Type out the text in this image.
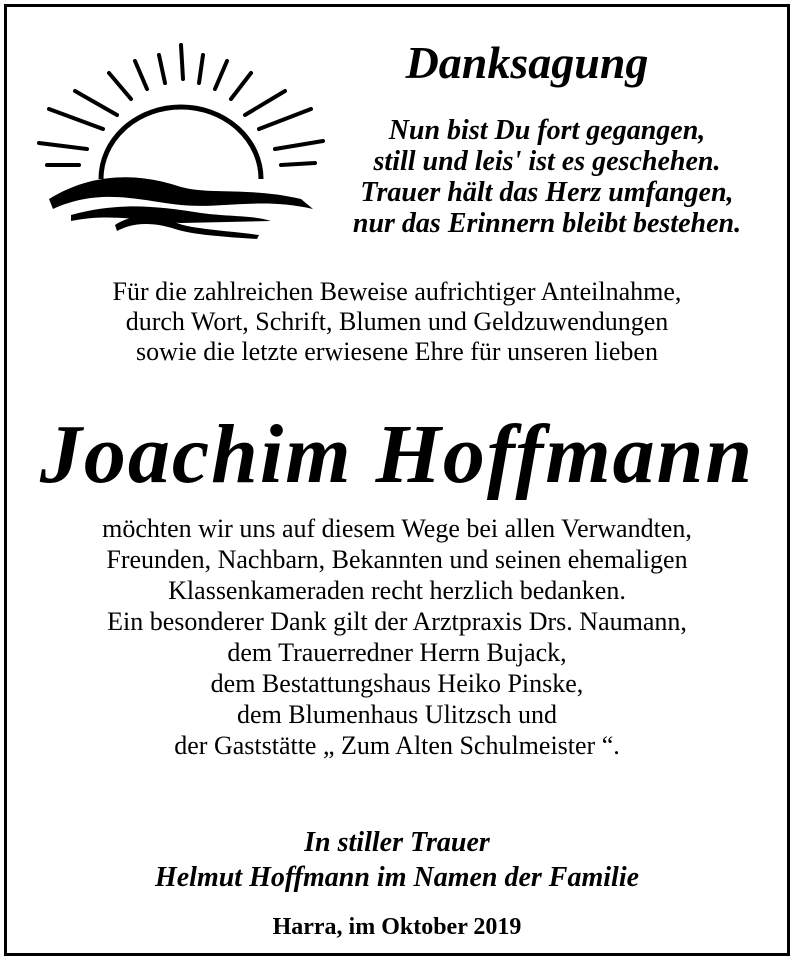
Danksagung
Nun bist Du fort gegangen,
still und leis' ist es geschehen.
Trauer hält das Herz umfangen,
nur das Erinnern bleibt bestehen.
Für die zahlreichen Beweise aufrichtiger Anteilnahme,
durch Wort, Schrift, Blumen und Geldzuwendungen
sowie die letzte erwiesene Ehre für unseren lieben
Joachim Hoffmann
möchten wir uns auf diesem Wege bei allen Verwandten,
Freunden, Nachbarn, Bekannten und seinen ehemaligen
Klassenkameraden recht herzlich bedanken.
Ein besonderer Dank gilt der Arztpraxis Drs. Naumann,
dem Trauerredner Herrn Bujack,
dem Bestattungshaus Heiko Pinske,
dem Blumenhaus Ulitzsch und
der Gaststätte „ Zum Alten Schulmeister “.
In stiller Trauer
Helmut Hoffmann im Namen der Familie
Harra, im Oktober 2019
